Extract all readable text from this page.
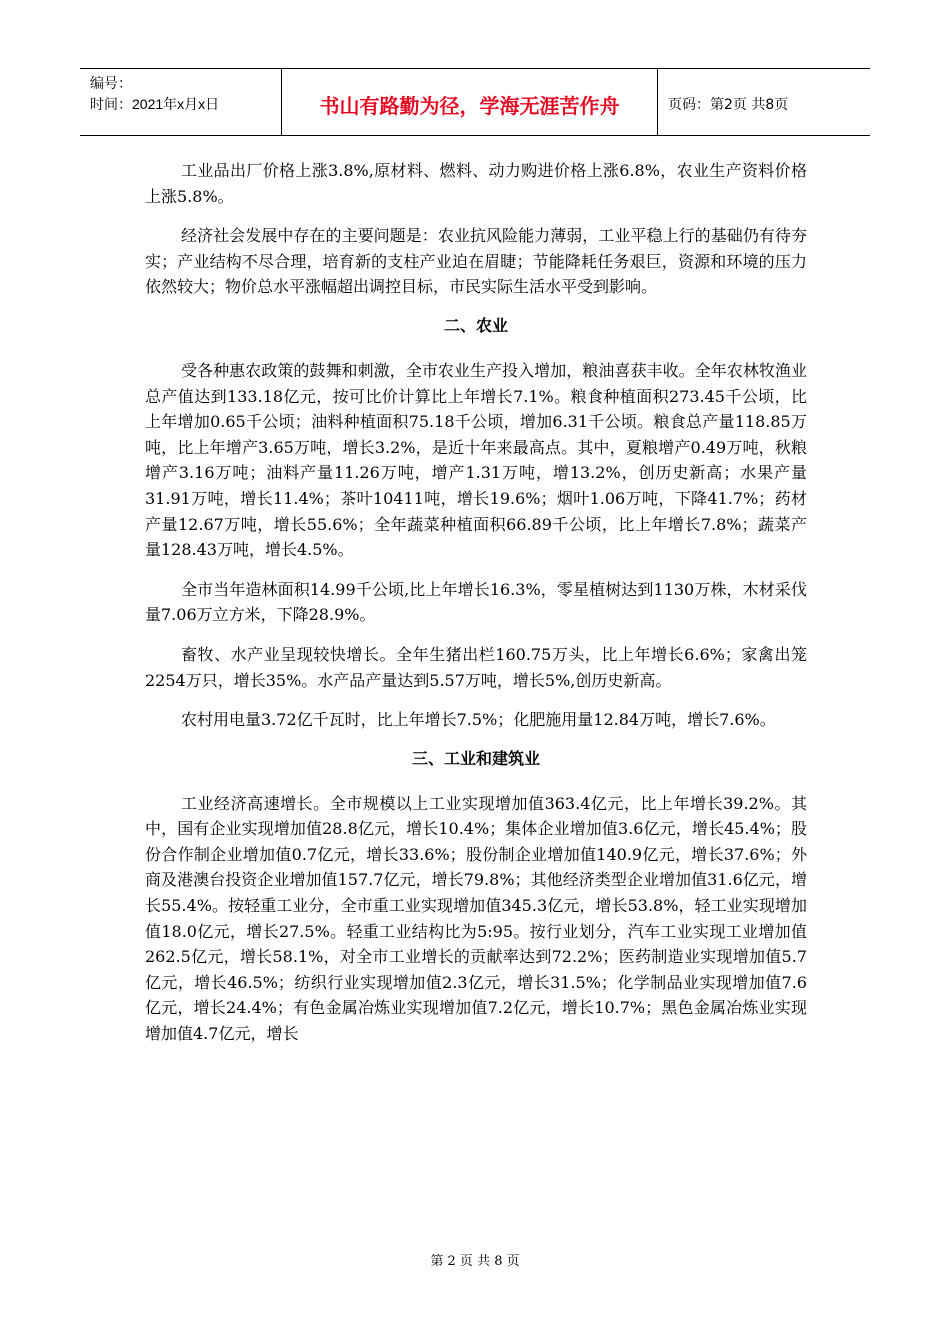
编号：
时间：2021年x月x日	书山有路勤为径，学海无涯苦作舟	页码：第2页 共8页

工业品出厂价格上涨3.8%,原材料、燃料、动力购进价格上涨6.8%，农业生产资料价格上涨5.8%。

经济社会发展中存在的主要问题是：农业抗风险能力薄弱，工业平稳上行的基础仍有待夯实；产业结构不尽合理，培育新的支柱产业迫在眉睫；节能降耗任务艰巨，资源和环境的压力依然较大；物价总水平涨幅超出调控目标，市民实际生活水平受到影响。

二、农业

受各种惠农政策的鼓舞和刺激，全市农业生产投入增加，粮油喜获丰收。全年农林牧渔业总产值达到133.18亿元，按可比价计算比上年增长7.1%。粮食种植面积273.45千公顷，比上年增加0.65千公顷；油料种植面积75.18千公顷，增加6.31千公顷。粮食总产量118.85万吨，比上年增产3.65万吨，增长3.2%，是近十年来最高点。其中，夏粮增产0.49万吨，秋粮增产3.16万吨；油料产量11.26万吨，增产1.31万吨，增13.2%，创历史新高；水果产量31.91万吨，增长11.4%；茶叶10411吨，增长19.6%；烟叶1.06万吨，下降41.7%；药材产量12.67万吨，增长55.6%；全年蔬菜种植面积66.89千公顷，比上年增长7.8%；蔬菜产量128.43万吨，增长4.5%。

全市当年造林面积14.99千公顷,比上年增长16.3%，零星植树达到1130万株，木材采伐量7.06万立方米，下降28.9%。

畜牧、水产业呈现较快增长。全年生猪出栏160.75万头，比上年增长6.6%；家禽出笼2254万只，增长35%。水产品产量达到5.57万吨，增长5%,创历史新高。

农村用电量3.72亿千瓦时，比上年增长7.5%；化肥施用量12.84万吨，增长7.6%。

三、工业和建筑业

工业经济高速增长。全市规模以上工业实现增加值363.4亿元，比上年增长39.2%。其中，国有企业实现增加值28.8亿元，增长10.4%；集体企业增加值3.6亿元，增长45.4%；股份合作制企业增加值0.7亿元，增长33.6%；股份制企业增加值140.9亿元，增长37.6%；外商及港澳台投资企业增加值157.7亿元，增长79.8%；其他经济类型企业增加值31.6亿元，增长55.4%。按轻重工业分，全市重工业实现增加值345.3亿元，增长53.8%，轻工业实现增加值18.0亿元，增长27.5%。轻重工业结构比为5:95。按行业划分，汽车工业实现工业增加值262.5亿元，增长58.1%，对全市工业增长的贡献率达到72.2%；医药制造业实现增加值5.7亿元，增长46.5%；纺织行业实现增加值2.3亿元，增长31.5%；化学制品业实现增加值7.6亿元，增长24.4%；有色金属冶炼业实现增加值7.2亿元，增长10.7%；黑色金属冶炼业实现增加值4.7亿元，增长

第 2 页 共 8 页
